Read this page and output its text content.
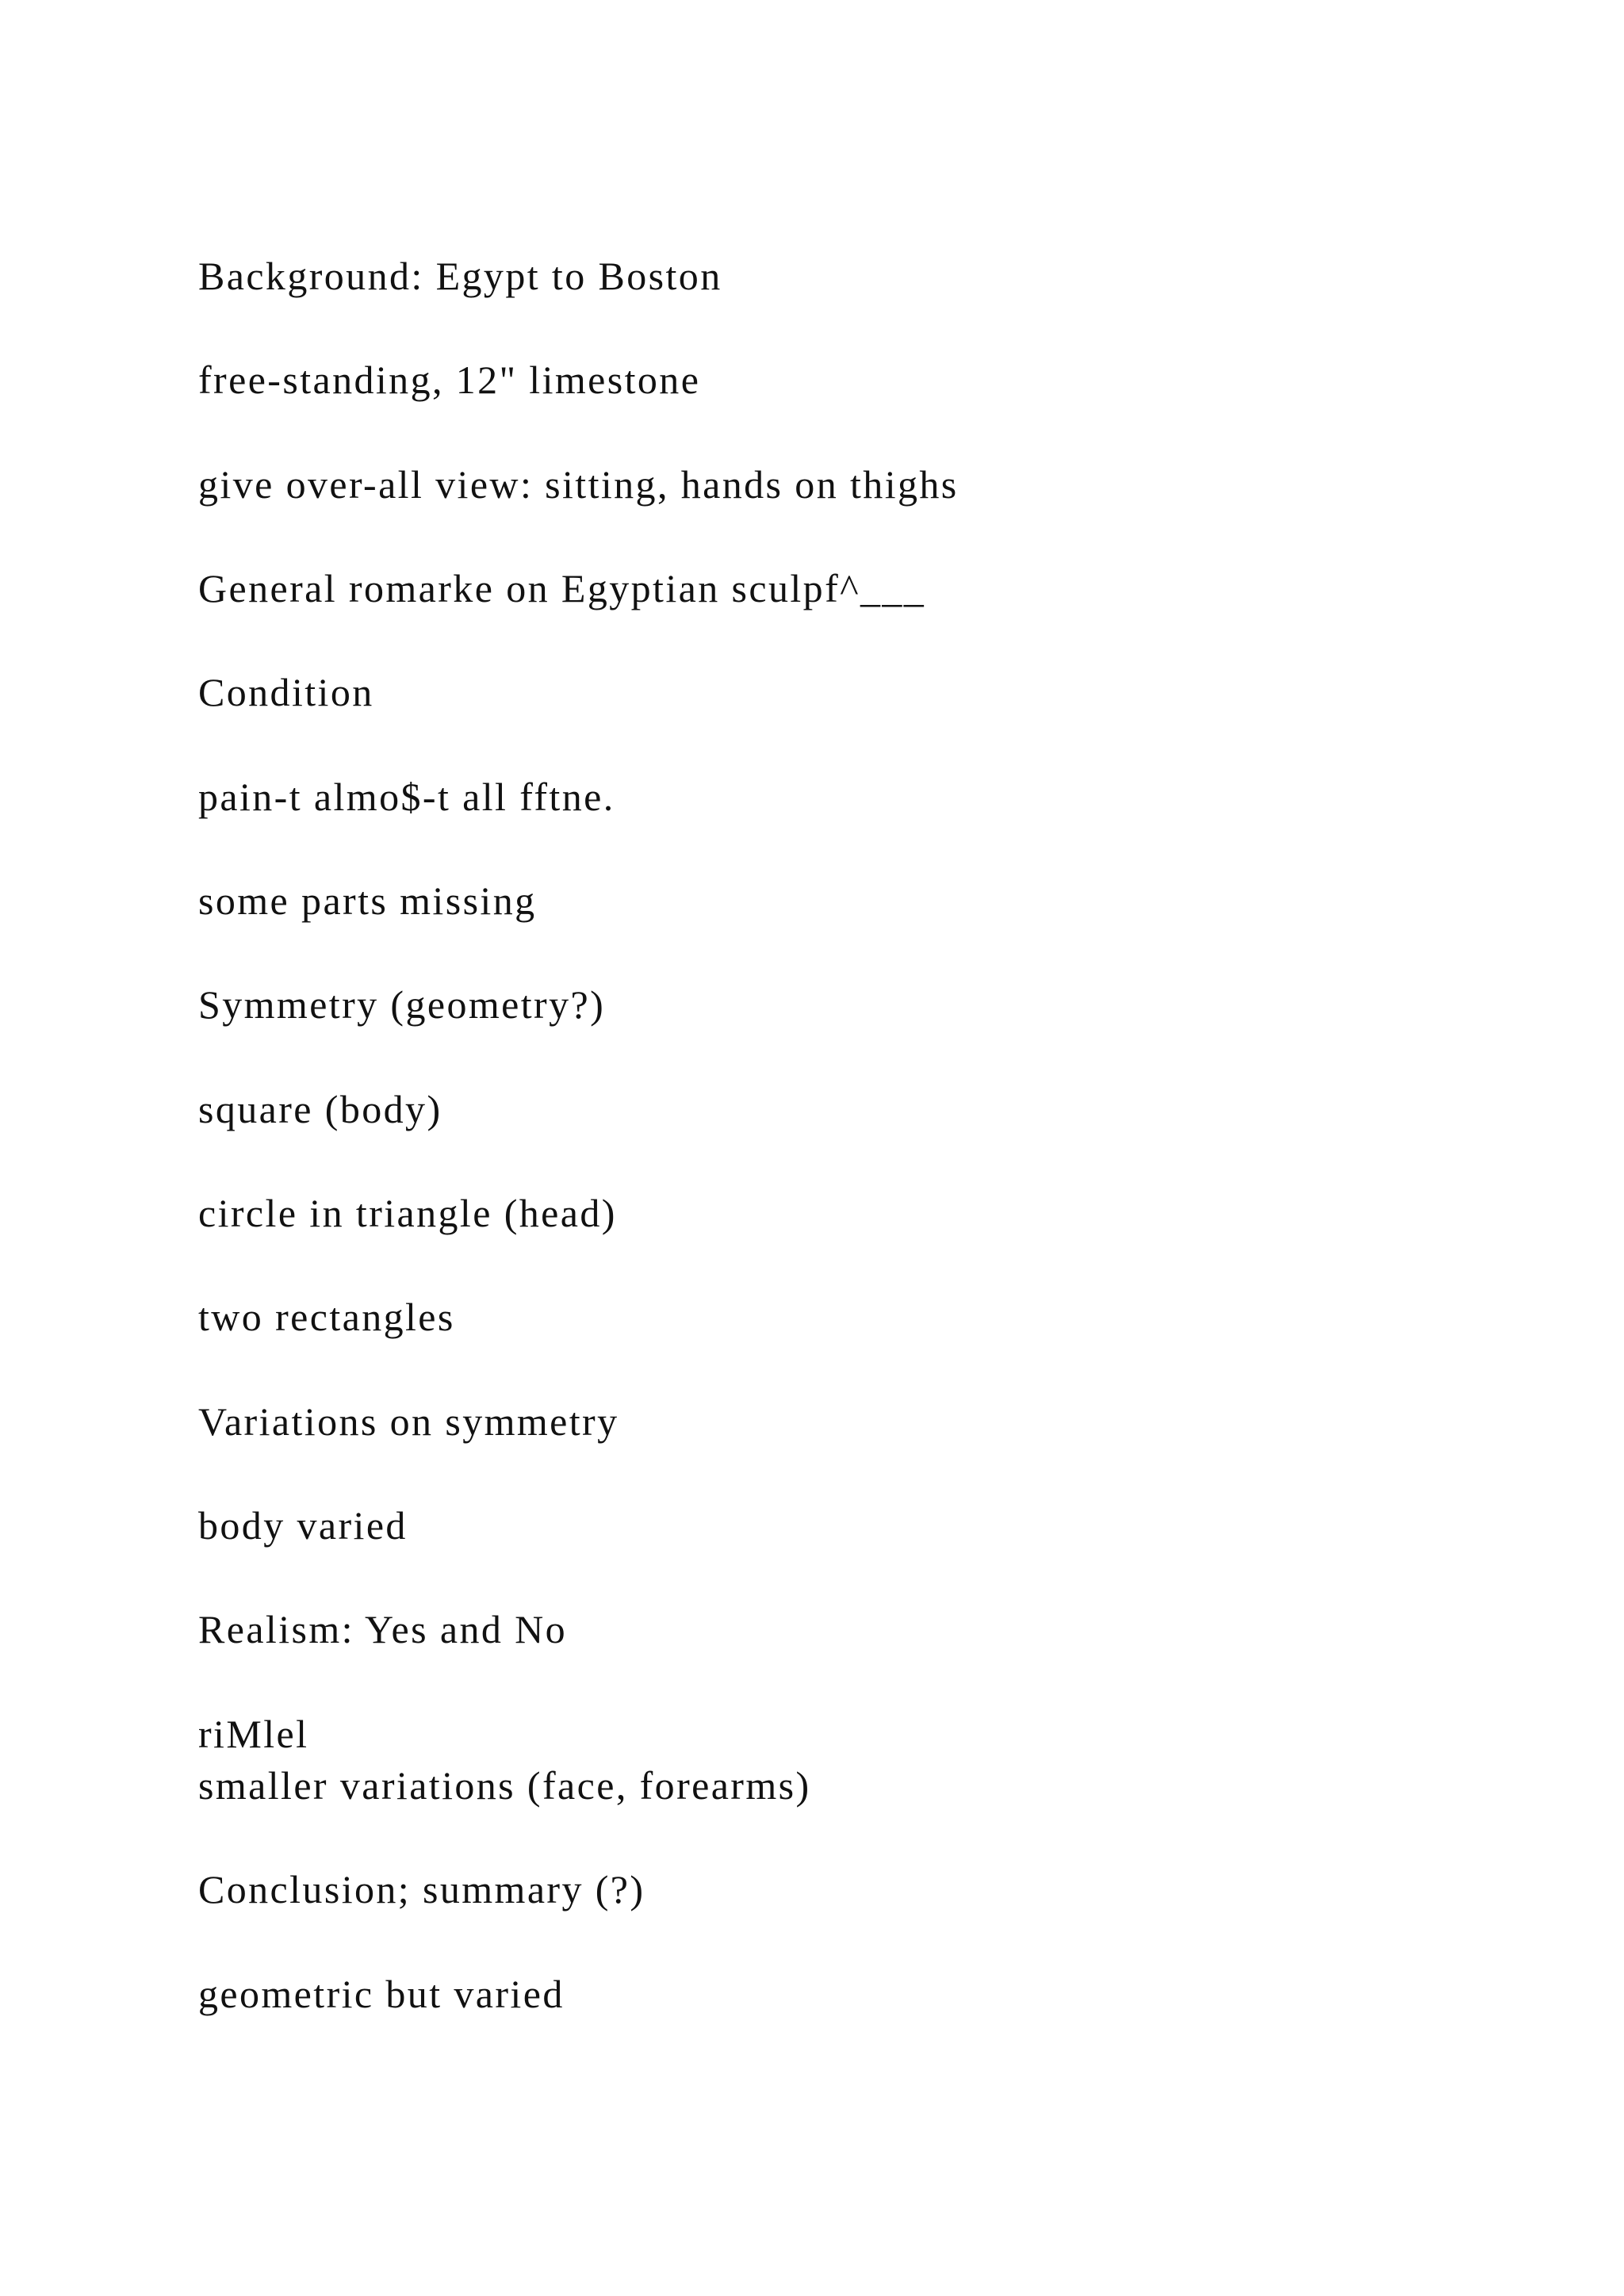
Background: Egypt to Boston

free-standing, 12" limestone

give over-all view: sitting, hands on thighs

General romarke on Egyptian sculpf^___

Condition

pain-t almo$-t all fftne.

some parts missing

Symmetry (geometry?)

square (body)

circle in triangle (head)

two rectangles

Variations on symmetry

body varied

Realism: Yes and No

riMlel

smaller variations (face, forearms)

Conclusion; summary (?)

geometric but varied
